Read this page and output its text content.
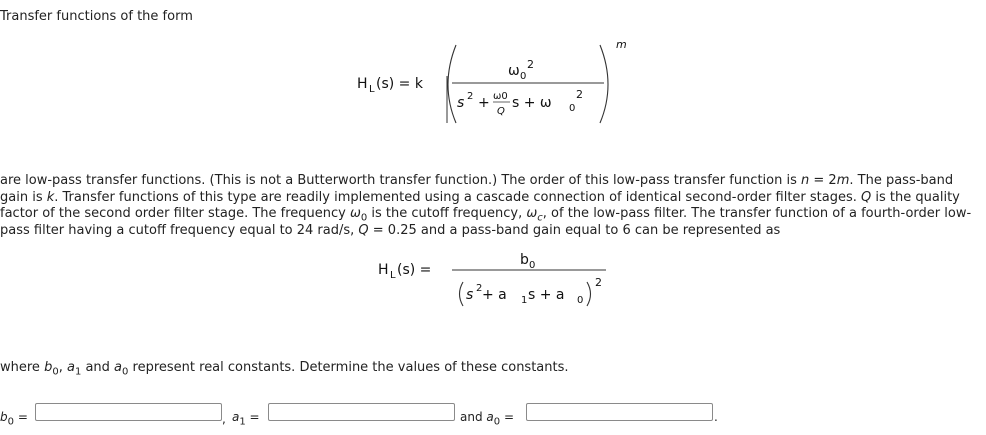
Transfer functions of the form
H L (s) = k
ω 0
2
s 2 + ω0
Q
s + ω 0
2
m
are low-pass transfer functions. (This is not a Butterworth transfer function.) The order of this low-pass transfer function is n = 2m. The pass-band gain is k. Transfer functions of this type are readily implemented using a cascade connection of identical second-order filter stages. Q is the quality factor of the second order filter stage. The frequency $\omega_0$ is the cutoff frequency, $\omega_c$, of the low-pass filter. The transfer function of a fourth-order low-pass filter having a cutoff frequency equal to 24 rad/s, Q = 0.25 and a pass-band gain equal to 6 can be represented as
H L (s) =
b 0
s 2 + a 1 s + a 0
2
where $b_0$, $a_1$ and $a_0$ represent real constants. Determine the values of these constants.
$b_0$ =	, $a_1$ =	and $a_0$ =	.
